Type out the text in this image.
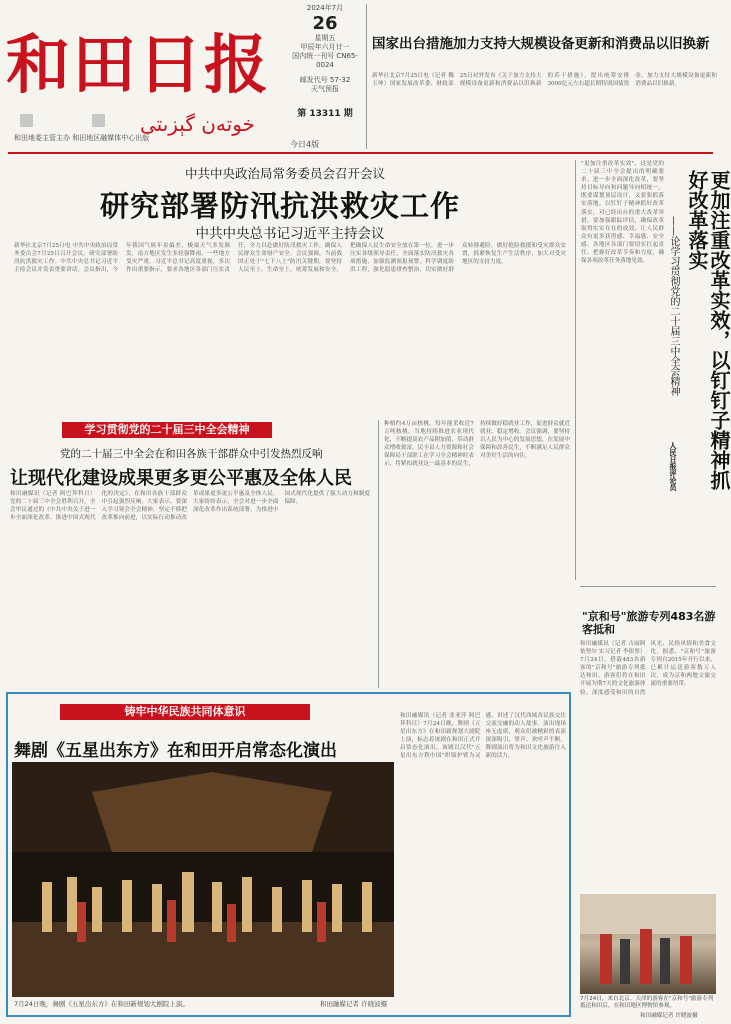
和田日报
خوتەن گېزىتى
和田地委主管主办 和田地区融媒体中心出版
2024年7月
26
星期五
甲辰年六月廿一
国内统一刊号 CN65-0024
邮发代号 57-32
天气预报
第 13311 期
今日4版
国家出台措施加力支持大规模设备更新和消费品以旧换新
新华社北京7月25日电（记者 魏玉坤）国家发展改革委、财政部25日对外发布《关于加力支持大规模设备更新和消费品以旧换新的若干措施》，提出统筹安排3000亿元左右超长期特别国债资金，加力支持大规模设备更新和消费品以旧换新。
中共中央政治局常务委员会召开会议
研究部署防汛抗洪救灾工作
中共中央总书记习近平主持会议
新华社北京7月25日电 中共中央政治局常务委员会7月25日召开会议，研究部署防汛抗洪救灾工作。中共中央总书记习近平主持会议并发表重要讲话。会议指出，今年我国气候年景偏差，极端天气多发频发，南方地区发生多轮强降雨，一些地方受灾严重。习近平总书记高度重视，多次作出重要指示，要求各地区各部门压实责任，全力以赴做好防汛救灾工作，确保人民群众生命财产安全。会议强调，当前我国正处于"七下八上"防汛关键期，要坚持人民至上、生命至上，统筹发展和安全，把确保人民生命安全放在第一位，进一步压实各级领导责任，全面落实防汛救灾各项措施，加强监测预报预警，科学调度防洪工程，强化隐患排查整治，切实做好群众转移避险，做好抢险救援和受灾群众安置，抓紧恢复生产生活秩序，加大对受灾地区的支持力度。
"更加注重改革实效"，这是党的二十届三中全会提出的明确要求。进一步全面深化改革，要坚持目标导向和问题导向相统一，既要谋划顶层设计，又要狠抓落实落地。以钉钉子精神抓好改革落实，对已经出台的重大改革举措，要加强跟踪评估，确保改革取得实实在在的成效，让人民群众有更多获得感、幸福感、安全感。各地区各部门要切实扛起责任，把握好改革节奏和力度，确保各项改革任务落地见效。	更加注重改革实效，以钉钉子精神抓好改革落实
——论学习贯彻党的二十届三中全会精神
人民日报评论员
学习贯彻党的二十届三中全会精神
党的二十届三中全会在和田各族干部群众中引发热烈反响
让现代化建设成果更多更公平惠及全体人民
和田融媒讯（记者 阿巴拜科日）党的二十届三中全会胜利召开，全会审议通过的《中共中央关于进一步全面深化改革、推进中国式现代化的决定》，在和田各族干部群众中引起强烈反响。大家表示，要深入学习领会全会精神，坚定不移把改革推向前进，以实际行动推动改革成果更多更公平惠及全体人民。大家纷纷表示，全会对进一步全面深化改革作出系统部署，为推进中国式现代化提供了强大动力和制度保障。
种植约4万亩核桃，每年能采收近7万吨核桃。当地持续推进农业现代化，不断提高农产品附加值，带动群众增收致富。民丰县人力资源和社会保障局干部职工在学习全会精神时表示，将紧扣就业这一最基本的民生，持续做好稳就业工作，促进群众就近就业、稳定增收。会议强调，要坚持以人民为中心的发展思想，在发展中保障和改善民生，不断满足人民群众对美好生活的向往。
铸牢中华民族共同体意识
舞剧《五星出东方》在和田开启常态化演出
7月24日晚，舞剧《五星出东方》在和田新规划大剧院上演。	和田融媒记者 许晓波摄
和田融媒讯（记者 张亚萍 阿巴拜科日）7月24日晚，舞剧《五星出东方》在和田新规划大剧院上演，标志着该剧在和田正式开启常态化演出。该剧以汉代"五星出东方利中国"织锦护臂为灵感，讲述了汉代西域各民族交往交流交融的动人故事。演出现场座无虚席，观众们被精彩的表演深深吸引，掌声、欢呼声不断。舞剧演出将为和田文化旅游注入新的活力。
"京和号"旅游专列483名游客抵和
和田融媒讯（记者 古丽阿依努尔 实习记者 李依彤）7月24日，搭载483名游客的"京和号"旅游专列抵达和田。游客们将在和田开展为期7天的文化旅游体验，深度感受和田的自然风光、民俗风情和美食文化。据悉，"京和号"旅游专列自2015年开行以来，已累计运送游客数万人次，成为京和两地文旅交流的重要纽带。
7月24日，来自北京、天津的游客在"京和号"旅游专列抵达和田后，在和田地区博物馆参观。
和田融媒记者 许晓波摄
